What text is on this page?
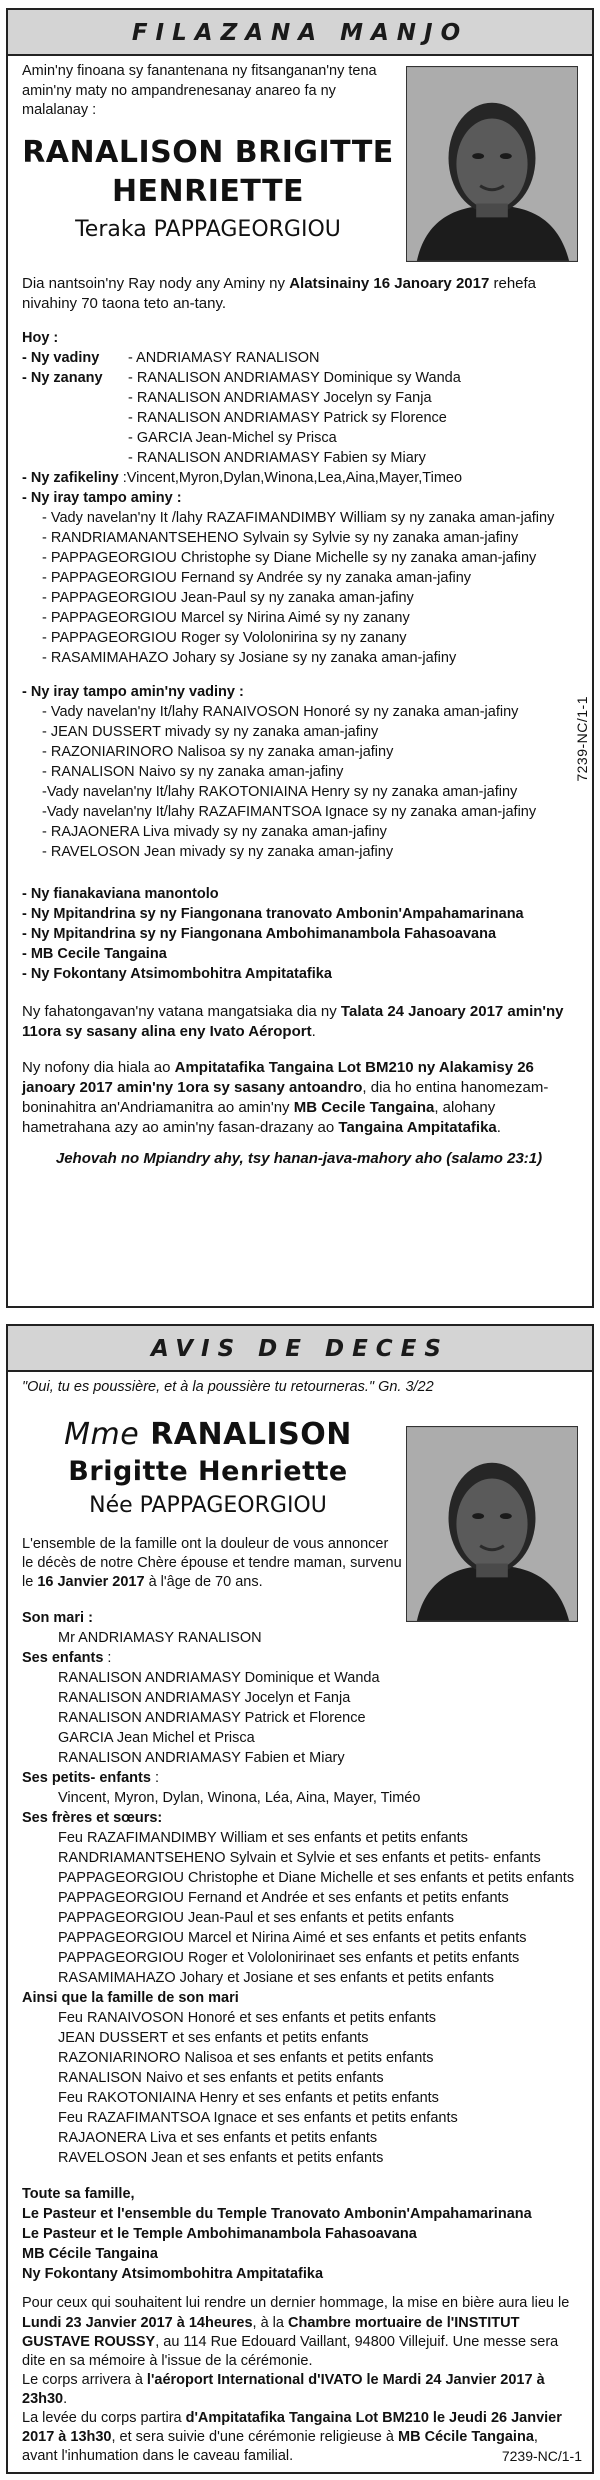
FILAZANA MANJO

Amin'ny finoana sy fanantenana ny fitsanganan'ny tena amin'ny maty no ampandrenesanay anareo fa ny malalanay :

RANALISON BRIGITTE
HENRIETTE
Teraka PAPPAGEORGIOU

Dia nantsoin'ny Ray nody any Aminy ny Alatsinainy 16 Janoary 2017 rehefa nivahiny 70 taona teto an-tany.

Hoy :
- Ny vadiny	- ANDRIAMASY RANALISON
- Ny zanany	- RANALISON ANDRIAMASY Dominique sy Wanda
- RANALISON ANDRIAMASY Jocelyn sy Fanja
- RANALISON ANDRIAMASY Patrick sy Florence
- GARCIA Jean-Michel sy Prisca
- RANALISON ANDRIAMASY Fabien sy Miary
- Ny zafikeliny :Vincent,Myron,Dylan,Winona,Lea,Aina,Mayer,Timeo
- Ny iray tampo aminy :
- Vady navelan'ny It /lahy RAZAFIMANDIMBY William sy ny zanaka aman-jafiny
- RANDRIAMANANTSEHENO Sylvain sy Sylvie sy ny zanaka aman-jafiny
- PAPPAGEORGIOU Christophe sy Diane Michelle sy ny zanaka aman-jafiny
- PAPPAGEORGIOU Fernand sy Andrée sy ny zanaka aman-jafiny
- PAPPAGEORGIOU Jean-Paul sy ny zanaka aman-jafiny
- PAPPAGEORGIOU Marcel sy Nirina Aimé sy ny zanany
- PAPPAGEORGIOU Roger sy Vololonirina sy ny zanany
- RASAMIMAHAZO Johary sy Josiane sy ny zanaka aman-jafiny
- Ny iray tampo amin'ny vadiny :
- Vady navelan'ny It/lahy RANAIVOSON Honoré sy ny zanaka aman-jafiny
- JEAN DUSSERT mivady sy ny zanaka aman-jafiny
- RAZONIARINORO Nalisoa sy ny zanaka aman-jafiny
- RANALISON Naivo sy ny zanaka aman-jafiny
-Vady navelan'ny It/lahy RAKOTONIAINA Henry sy ny zanaka aman-jafiny
-Vady navelan'ny It/lahy RAZAFIMANTSOA Ignace sy ny zanaka aman-jafiny
- RAJAONERA Liva mivady sy ny zanaka aman-jafiny
- RAVELOSON Jean mivady sy ny zanaka aman-jafiny
- Ny fianakaviana manontolo
- Ny Mpitandrina sy ny Fiangonana tranovato Ambonin'Ampahamarinana
- Ny Mpitandrina sy ny Fiangonana Ambohimanambola Fahasoavana
- MB Cecile Tangaina
- Ny Fokontany Atsimombohitra Ampitatafika

Ny fahatongavan'ny vatana mangatsiaka dia ny Talata 24 Janoary 2017 amin'ny 11ora sy sasany alina eny Ivato Aéroport.

Ny nofony dia hiala ao Ampitatafika Tangaina Lot BM210 ny Alakamisy 26 janoary 2017 amin'ny 1ora sy sasany antoandro, dia ho entina hanomezam-boninahitra an'Andriamanitra ao amin'ny MB Cecile Tangaina, alohany hametrahana azy ao amin'ny fasan-drazany ao Tangaina Ampitatafika.

Jehovah no Mpiandry ahy, tsy hanan-java-mahory aho (salamo 23:1)

7239-NC/1-1
AVIS DE DECES

"Oui, tu es poussière, et à la poussière tu retourneras." Gn. 3/22

Mme RANALISON
Brigitte Henriette
Née PAPPAGEORGIOU

L'ensemble de la famille ont la douleur de vous annoncer le décès de notre Chère épouse et tendre maman, survenu le 16 Janvier 2017 à l'âge de 70 ans.

Son mari :
Mr ANDRIAMASY RANALISON
Ses enfants :
RANALISON ANDRIAMASY Dominique et Wanda
RANALISON ANDRIAMASY Jocelyn et Fanja
RANALISON ANDRIAMASY Patrick et Florence
GARCIA Jean Michel et Prisca
RANALISON ANDRIAMASY Fabien et Miary
Ses petits- enfants :
Vincent, Myron, Dylan, Winona, Léa, Aina, Mayer, Timéo
Ses frères et sœurs:
Feu RAZAFIMANDIMBY William et ses enfants et petits enfants
RANDRIAMANTSEHENO Sylvain et Sylvie et ses enfants et petits- enfants
PAPPAGEORGIOU Christophe et Diane Michelle et ses enfants et petits enfants
PAPPAGEORGIOU Fernand et Andrée et ses enfants et petits enfants
PAPPAGEORGIOU Jean-Paul et ses enfants et petits enfants
PAPPAGEORGIOU Marcel et Nirina Aimé et ses enfants et petits enfants
PAPPAGEORGIOU Roger et Vololonirinaet ses enfants et petits enfants
RASAMIMAHAZO Johary et Josiane et ses enfants et petits enfants
Ainsi que la famille de son mari
Feu RANAIVOSON Honoré et ses enfants et petits enfants
JEAN DUSSERT et ses enfants et petits enfants
RAZONIARINORO Nalisoa et ses enfants et petits enfants
RANALISON Naivo et ses enfants et petits enfants
Feu RAKOTONIAINA Henry et ses enfants et petits enfants
Feu RAZAFIMANTSOA Ignace et ses enfants et petits enfants
RAJAONERA Liva et ses enfants et petits enfants
RAVELOSON Jean et ses enfants et petits enfants
Toute sa famille,
Le Pasteur et l'ensemble du Temple Tranovato Ambonin'Ampahamarinana
Le Pasteur et le Temple Ambohimanambola Fahasoavana
MB Cécile Tangaina
Ny Fokontany Atsimombohitra Ampitatafika

Pour ceux qui souhaitent lui rendre un dernier hommage, la mise en bière aura lieu le Lundi 23 Janvier 2017 à 14heures, à la Chambre mortuaire de l'INSTITUT GUSTAVE ROUSSY, au 114 Rue Edouard Vaillant, 94800 Villejuif. Une messe sera dite en sa mémoire à l'issue de la cérémonie.

Le corps arrivera à l'aéroport International d'IVATO le Mardi 24 Janvier 2017 à 23h30.

La levée du corps partira d'Ampitatafika Tangaina Lot BM210 le Jeudi 26 Janvier 2017 à 13h30, et sera suivie d'une cérémonie religieuse à MB Cécile Tangaina, avant l'inhumation dans le caveau familial.	7239-NC/1-1
